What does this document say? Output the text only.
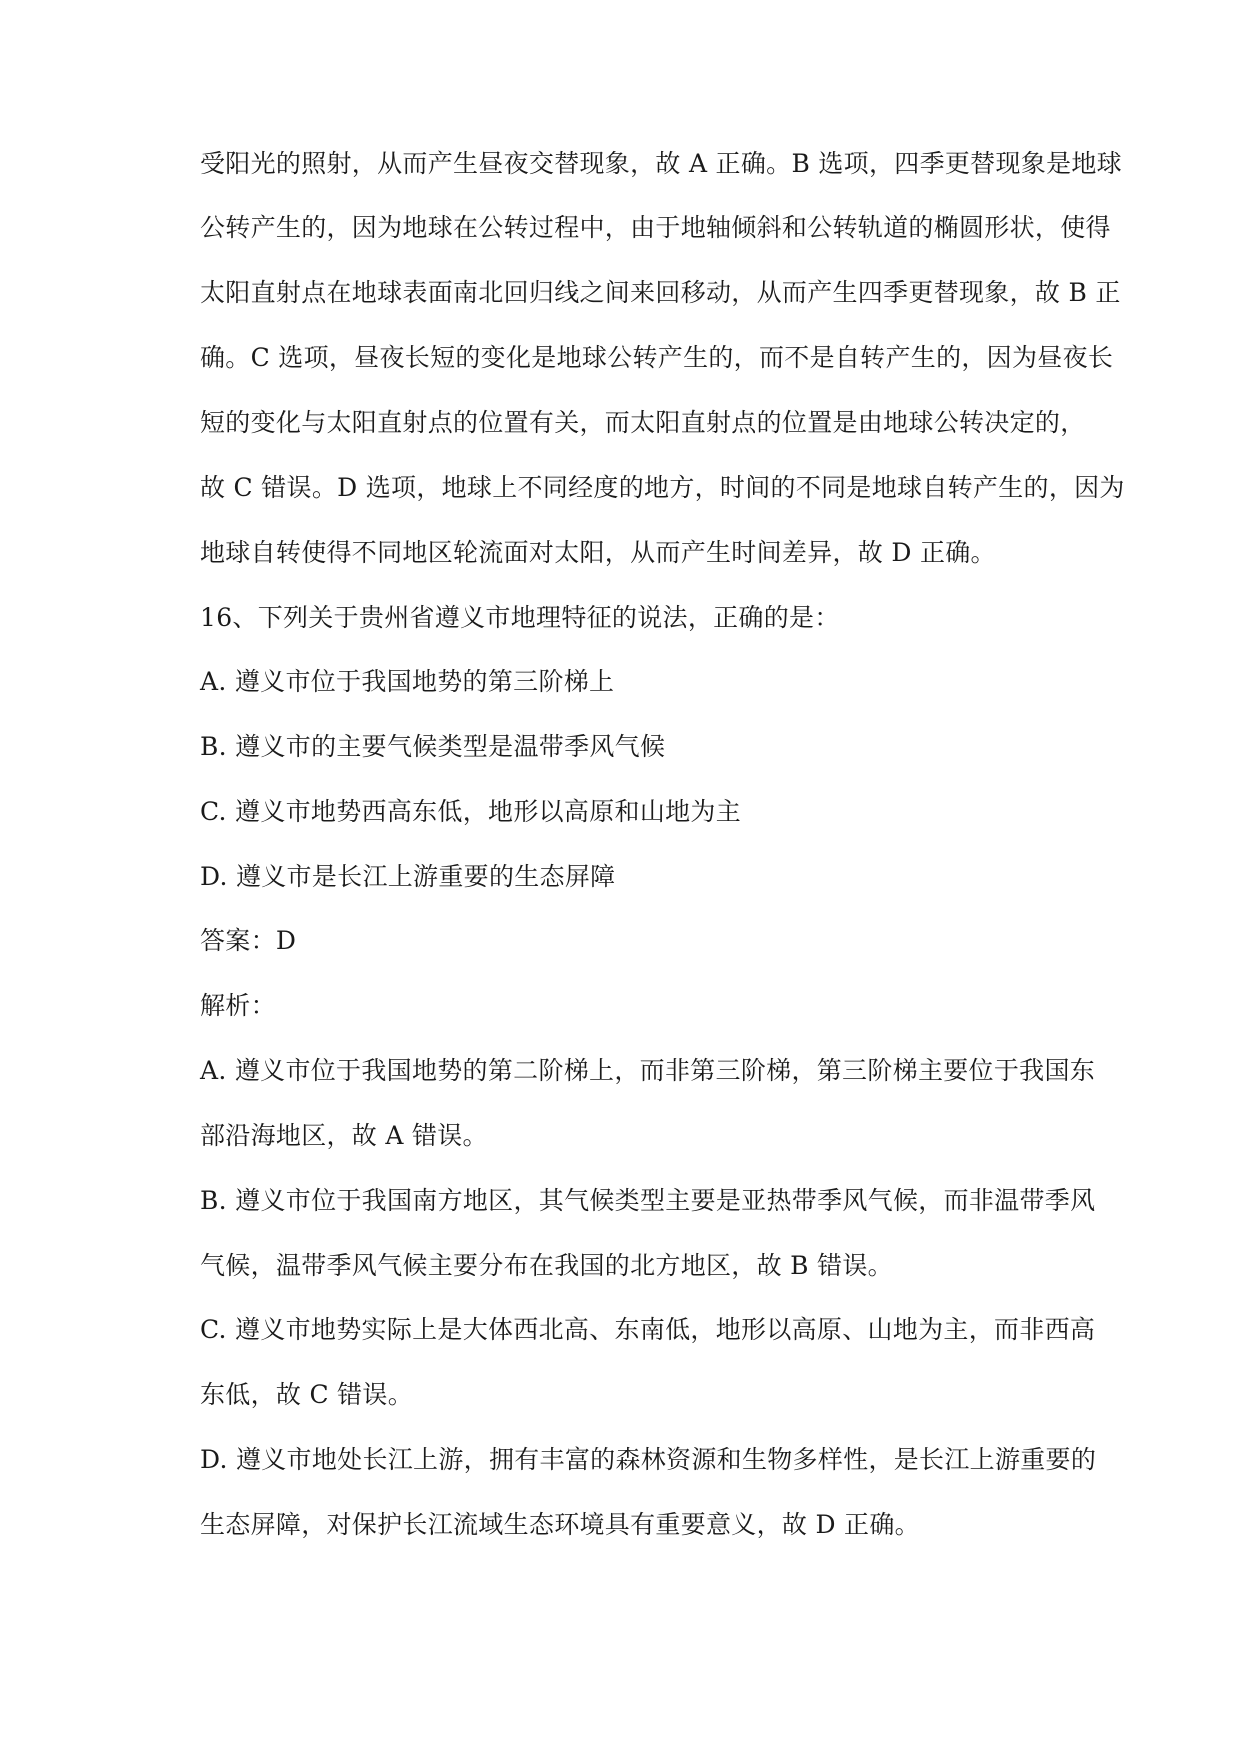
受阳光的照射，从而产生昼夜交替现象，故 A 正确。B 选项，四季更替现象是地球
公转产生的，因为地球在公转过程中，由于地轴倾斜和公转轨道的椭圆形状，使得
太阳直射点在地球表面南北回归线之间来回移动，从而产生四季更替现象，故 B 正
确。C 选项，昼夜长短的变化是地球公转产生的，而不是自转产生的，因为昼夜长
短的变化与太阳直射点的位置有关，而太阳直射点的位置是由地球公转决定的，
故 C 错误。D 选项，地球上不同经度的地方，时间的不同是地球自转产生的，因为
地球自转使得不同地区轮流面对太阳，从而产生时间差异，故 D 正确。
16、下列关于贵州省遵义市地理特征的说法，正确的是：
A. 遵义市位于我国地势的第三阶梯上
B. 遵义市的主要气候类型是温带季风气候
C. 遵义市地势西高东低，地形以高原和山地为主
D. 遵义市是长江上游重要的生态屏障
答案：D
解析：
A. 遵义市位于我国地势的第二阶梯上，而非第三阶梯，第三阶梯主要位于我国东
部沿海地区，故 A 错误。
B. 遵义市位于我国南方地区，其气候类型主要是亚热带季风气候，而非温带季风
气候，温带季风气候主要分布在我国的北方地区，故 B 错误。
C. 遵义市地势实际上是大体西北高、东南低，地形以高原、山地为主，而非西高
东低，故 C 错误。
D. 遵义市地处长江上游，拥有丰富的森林资源和生物多样性，是长江上游重要的
生态屏障，对保护长江流域生态环境具有重要意义，故 D 正确。
